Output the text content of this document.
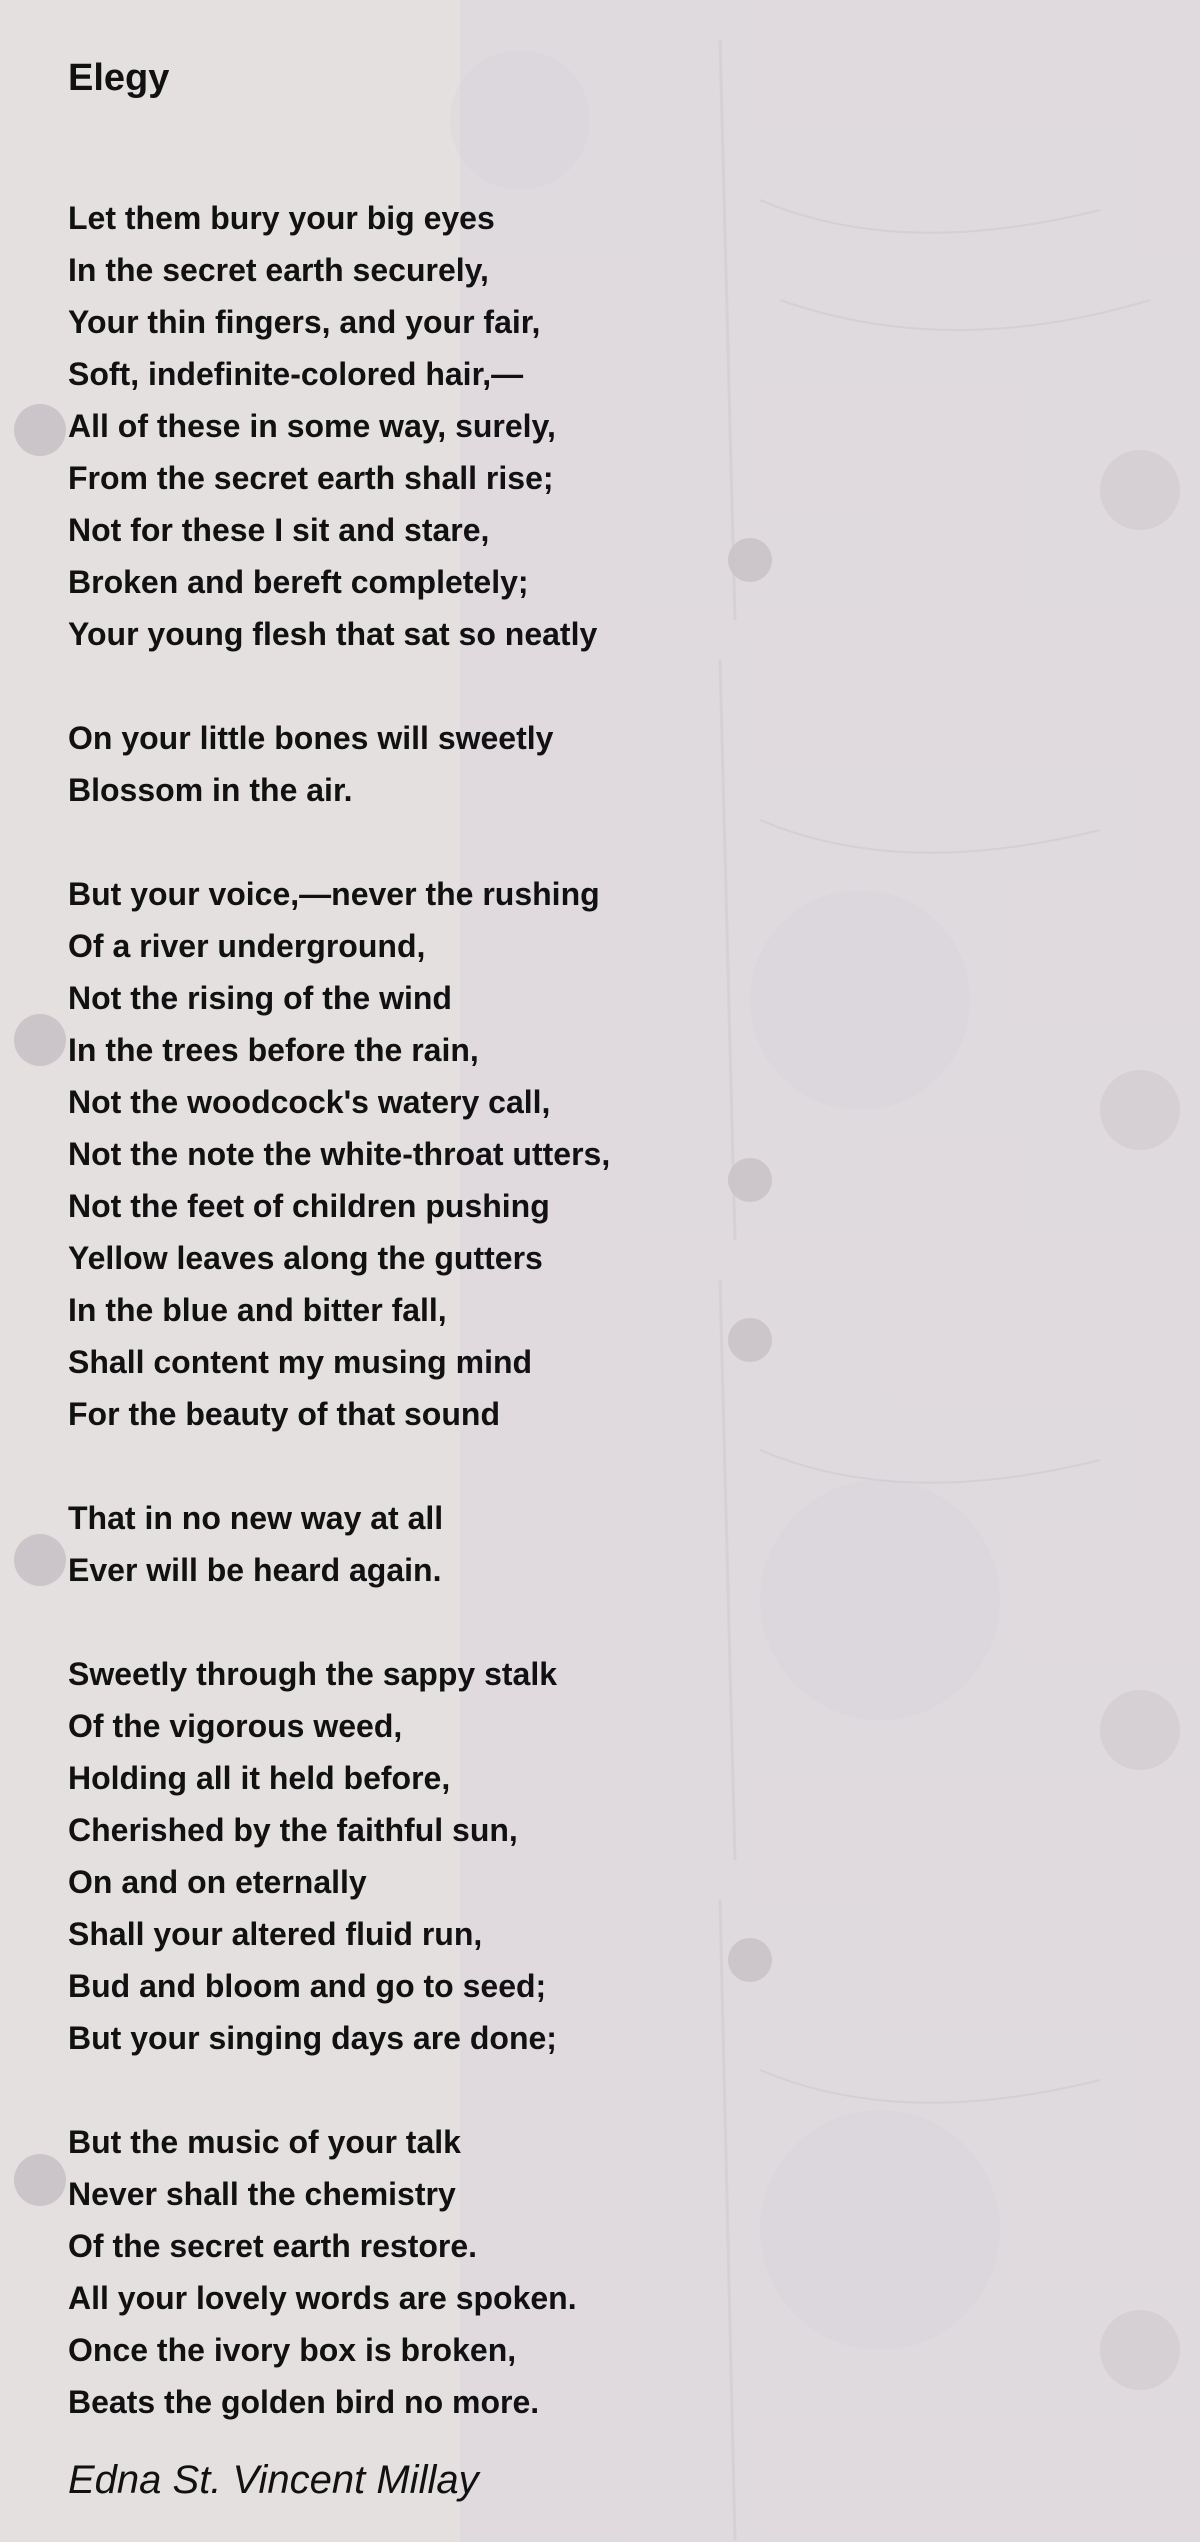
Elegy
Let them bury your big eyes
In the secret earth securely,
Your thin fingers, and your fair,
Soft, indefinite-colored hair,—
All of these in some way, surely,
From the secret earth shall rise;
Not for these I sit and stare,
Broken and bereft completely;
Your young flesh that sat so neatly
On your little bones will sweetly
Blossom in the air.
But your voice,—never the rushing
Of a river underground,
Not the rising of the wind
In the trees before the rain,
Not the woodcock's watery call,
Not the note the white-throat utters,
Not the feet of children pushing
Yellow leaves along the gutters
In the blue and bitter fall,
Shall content my musing mind
For the beauty of that sound
That in no new way at all
Ever will be heard again.
Sweetly through the sappy stalk
Of the vigorous weed,
Holding all it held before,
Cherished by the faithful sun,
On and on eternally
Shall your altered fluid run,
Bud and bloom and go to seed;
But your singing days are done;
But the music of your talk
Never shall the chemistry
Of the secret earth restore.
All your lovely words are spoken.
Once the ivory box is broken,
Beats the golden bird no more.
Edna St. Vincent Millay
